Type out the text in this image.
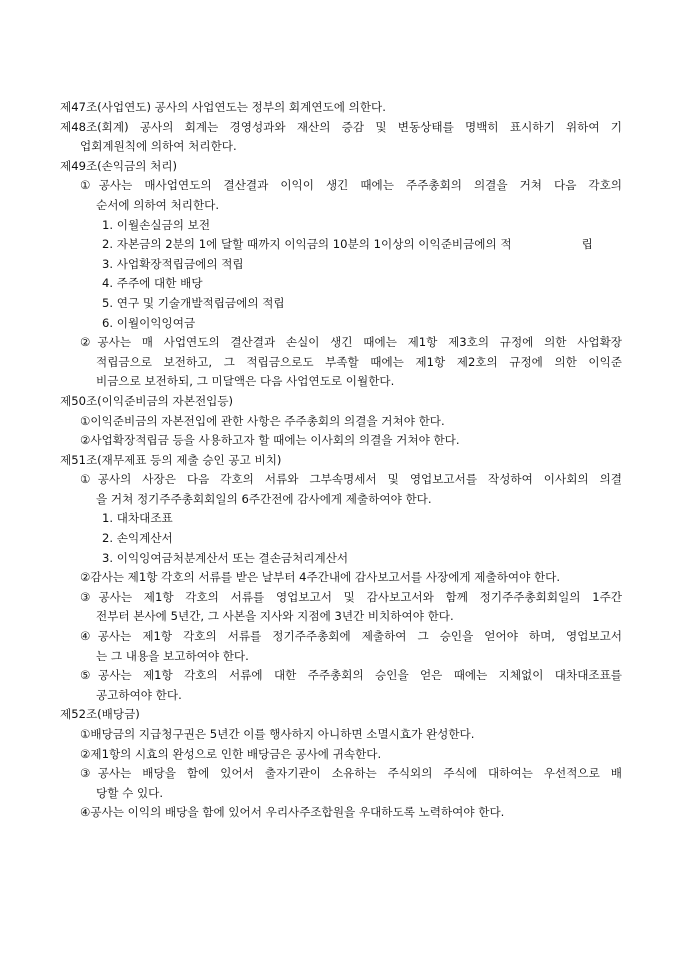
제47조(사업연도) 공사의 사업연도는 정부의 회계연도에 의한다.
제48조(회계) 공사의 회계는 경영성과와 재산의 증감 및 변동상태를 명백히 표시하기 위하여 기
업회계원칙에 의하여 처리한다.
제49조(손익금의 처리)
①공사는 매사업연도의 결산결과 이익이 생긴 때에는 주주총회의 의결을 거쳐 다음 각호의
순서에 의하여 처리한다.
1. 이월손실금의 보전
2. 자본금의 2분의 1에 달할 때까지 이익금의 10분의 1이상의 이익준비금에의 적	립
3. 사업확장적립금에의 적립
4. 주주에 대한 배당
5. 연구 및 기술개발적립금에의 적립
6. 이월이익잉여금
②공사는 매 사업연도의 결산결과 손실이 생긴 때에는 제1항 제3호의 규정에 의한 사업확장
적립금으로 보전하고, 그 적립금으로도 부족할 때에는 제1항 제2호의 규정에 의한 이익준
비금으로 보전하되, 그 미달액은 다음 사업연도로 이월한다.
제50조(이익준비금의 자본전입등)
①이익준비금의 자본전입에 관한 사항은 주주총회의 의결을 거쳐야 한다.
②사업확장적립금 등을 사용하고자 할 때에는 이사회의 의결을 거쳐야 한다.
제51조(재무제표 등의 제출 승인 공고 비치)
①공사의 사장은 다음 각호의 서류와 그부속명세서 및 영업보고서를 작성하여 이사회의 의결
을 거쳐 정기주주총회회일의 6주간전에 감사에게 제출하여야 한다.
1. 대차대조표
2. 손익계산서
3. 이익잉여금처분계산서 또는 결손금처리계산서
②감사는 제1항 각호의 서류를 받은 날부터 4주간내에 감사보고서를 사장에게 제출하여야 한다.
③공사는 제1항 각호의 서류를 영업보고서 및 감사보고서와 함께 정기주주총회회일의 1주간
전부터 본사에 5년간, 그 사본을 지사와 지점에 3년간 비치하여야 한다.
④공사는 제1항 각호의 서류를 정기주주총회에 제출하여 그 승인을 얻어야 하며, 영업보고서
는 그 내용을 보고하여야 한다.
⑤공사는 제1항 각호의 서류에 대한 주주총회의 승인을 얻은 때에는 지체없이 대차대조표를
공고하여야 한다.
제52조(배당금)
①배당금의 지급청구권은 5년간 이를 행사하지 아니하면 소멸시효가 완성한다.
②제1항의 시효의 완성으로 인한 배당금은 공사에 귀속한다.
③공사는 배당을 함에 있어서 출자기관이 소유하는 주식외의 주식에 대하여는 우선적으로 배
당할 수 있다.
④공사는 이익의 배당을 함에 있어서 우리사주조합원을 우대하도록 노력하여야 한다.
